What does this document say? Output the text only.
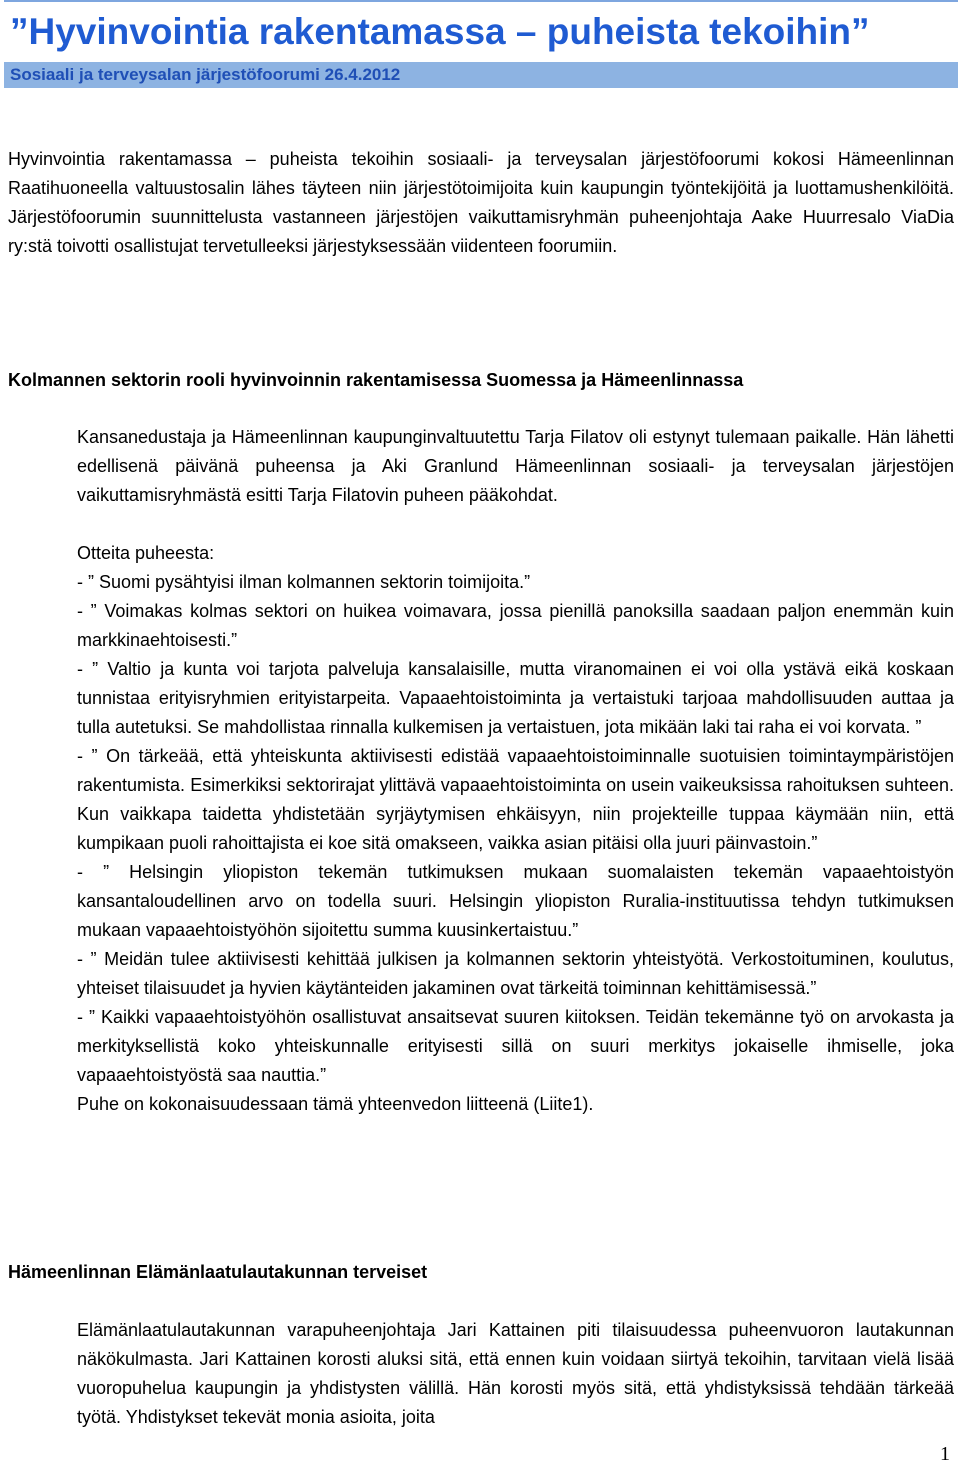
”Hyvinvointia rakentamassa – puheista tekoihin”
Sosiaali ja terveysalan järjestöfoorumi 26.4.2012

Hyvinvointia rakentamassa – puheista tekoihin sosiaali- ja terveysalan järjestöfoorumi kokosi Hämeenlinnan Raatihuoneella valtuustosalin lähes täyteen niin järjestötoimijoita kuin kaupungin työntekijöitä ja luottamushenkilöitä. Järjestöfoorumin suunnittelusta vastanneen järjestöjen vaikuttamisryhmän puheenjohtaja Aake Huurresalo ViaDia ry:stä toivotti osallistujat tervetulleeksi järjestyksessään viidenteen foorumiin.

Kolmannen sektorin rooli hyvinvoinnin rakentamisessa Suomessa ja Hämeenlinnassa

Kansanedustaja ja Hämeenlinnan kaupunginvaltuutettu Tarja Filatov oli estynyt tulemaan paikalle. Hän lähetti edellisenä päivänä puheensa ja Aki Granlund Hämeenlinnan sosiaali- ja terveysalan järjestöjen vaikuttamisryhmästä esitti Tarja Filatovin puheen pääkohdat.

Otteita puheesta:

- ” Suomi pysähtyisi ilman kolmannen sektorin toimijoita.”

- ” Voimakas kolmas sektori on huikea voimavara, jossa pienillä panoksilla saadaan paljon enemmän kuin markkinaehtoisesti.”

- ” Valtio ja kunta voi tarjota palveluja kansalaisille, mutta viranomainen ei voi olla ystävä eikä koskaan tunnistaa erityisryhmien erityistarpeita. Vapaaehtoistoiminta ja vertaistuki tarjoaa mahdollisuuden auttaa ja tulla autetuksi. Se mahdollistaa rinnalla kulkemisen ja vertaistuen, jota mikään laki tai raha ei voi korvata. ”

- ” On tärkeää, että yhteiskunta aktiivisesti edistää vapaaehtoistoiminnalle suotuisien toimintaympäristöjen rakentumista. Esimerkiksi sektorirajat ylittävä vapaaehtoistoiminta on usein vaikeuksissa rahoituksen suhteen. Kun vaikkapa taidetta yhdistetään syrjäytymisen ehkäisyyn, niin projekteille tuppaa käymään niin, että kumpikaan puoli rahoittajista ei koe sitä omakseen, vaikka asian pitäisi olla juuri päinvastoin.”

- ” Helsingin yliopiston tekemän tutkimuksen mukaan suomalaisten tekemän vapaaehtoistyön kansantaloudellinen arvo on todella suuri. Helsingin yliopiston Ruralia-instituutissa tehdyn tutkimuksen mukaan vapaaehtoistyöhön sijoitettu summa kuusinkertaistuu.”

- ” Meidän tulee aktiivisesti kehittää julkisen ja kolmannen sektorin yhteistyötä. Verkostoituminen, koulutus, yhteiset tilaisuudet ja hyvien käytänteiden jakaminen ovat tärkeitä toiminnan kehittämisessä.”

- ” Kaikki vapaaehtoistyöhön osallistuvat ansaitsevat suuren kiitoksen. Teidän tekemänne työ on arvokasta ja merkityksellistä koko yhteiskunnalle erityisesti sillä on suuri merkitys jokaiselle ihmiselle, joka vapaaehtoistyöstä saa nauttia.”

Puhe on kokonaisuudessaan tämä yhteenvedon liitteenä (Liite1).

Hämeenlinnan Elämänlaatulautakunnan terveiset

Elämänlaatulautakunnan varapuheenjohtaja Jari Kattainen piti tilaisuudessa puheenvuoron lautakunnan näkökulmasta. Jari Kattainen korosti aluksi sitä, että ennen kuin voidaan siirtyä tekoihin, tarvitaan vielä lisää vuoropuhelua kaupungin ja yhdistysten välillä. Hän korosti myös sitä, että yhdistyksissä tehdään tärkeää työtä. Yhdistykset tekevät monia asioita, joita

1
